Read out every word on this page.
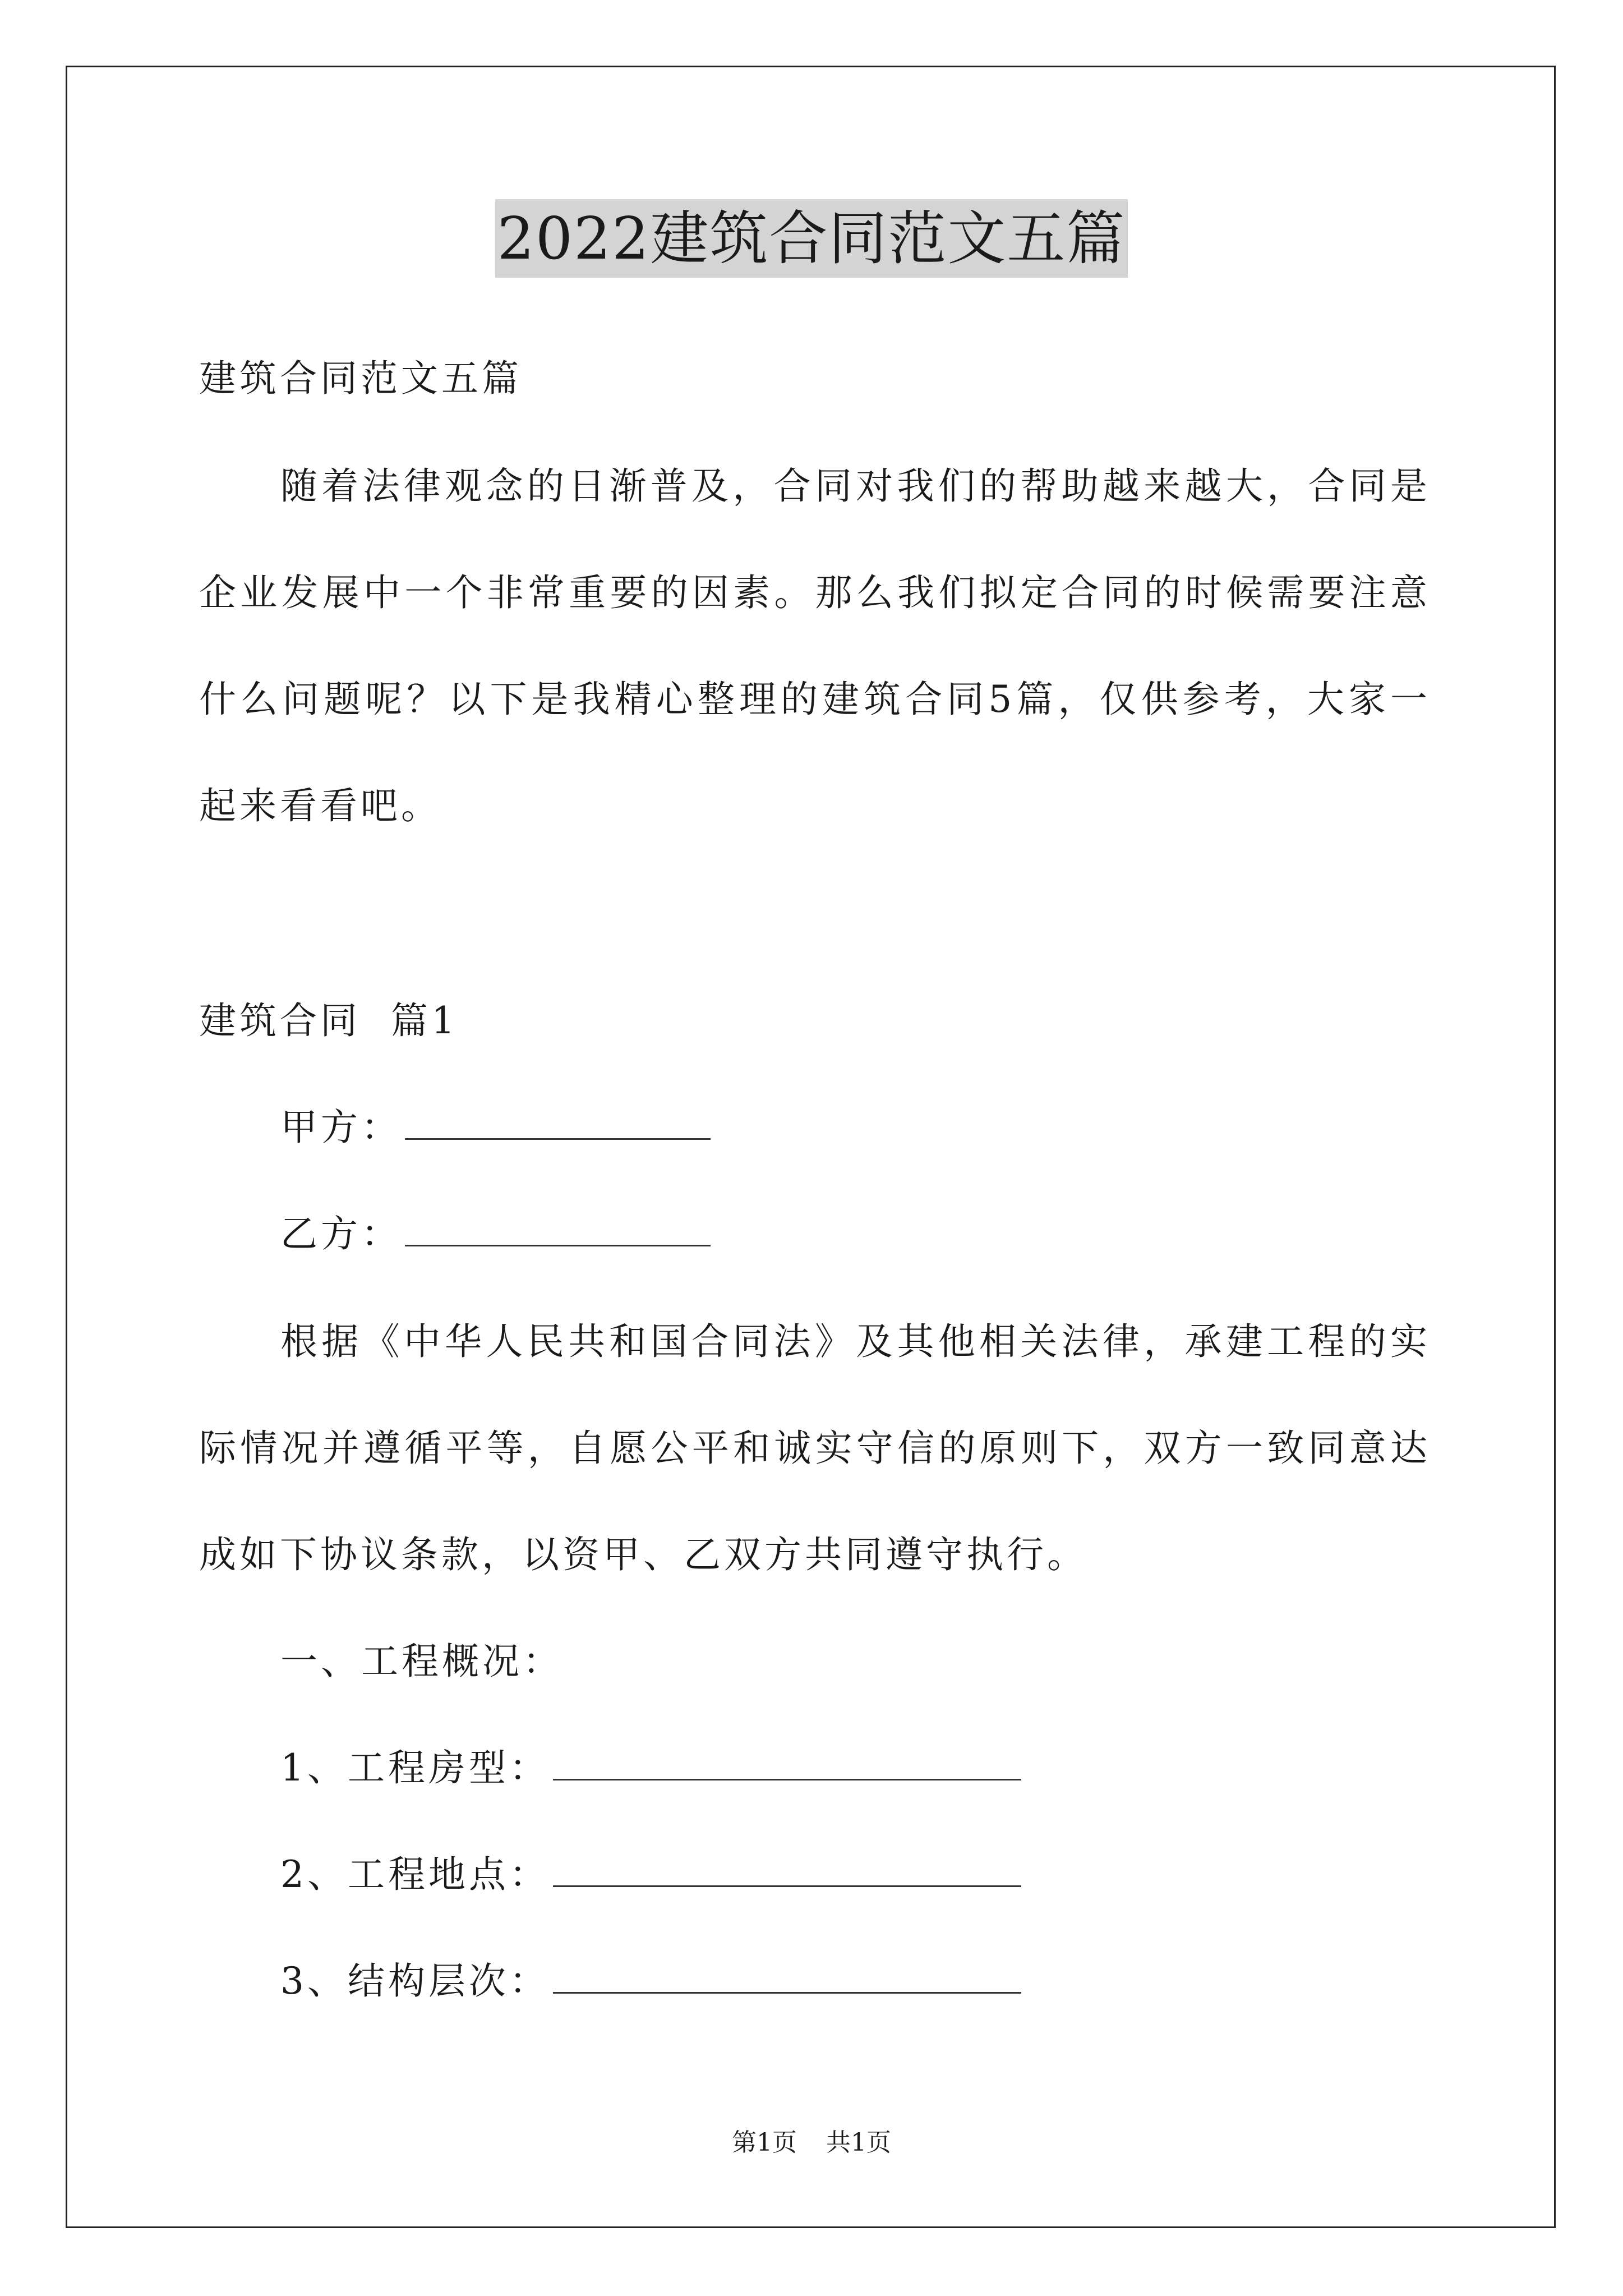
2022建筑合同范文五篇
建筑合同范文五篇
随着法律观念的日渐普及，合同对我们的帮助越来越大，合同是
企业发展中一个非常重要的因素。那么我们拟定合同的时候需要注意
什么问题呢？以下是我精心整理的建筑合同5篇，仅供参考，大家一
起来看看吧。
建筑合同  篇1
甲方：
乙方：
根据《中华人民共和国合同法》及其他相关法律，承建工程的实
际情况并遵循平等，自愿公平和诚实守信的原则下，双方一致同意达
成如下协议条款，以资甲、乙双方共同遵守执行。
一、工程概况：
1、工程房型：
2、工程地点：
3、结构层次：
第1页 共1页
